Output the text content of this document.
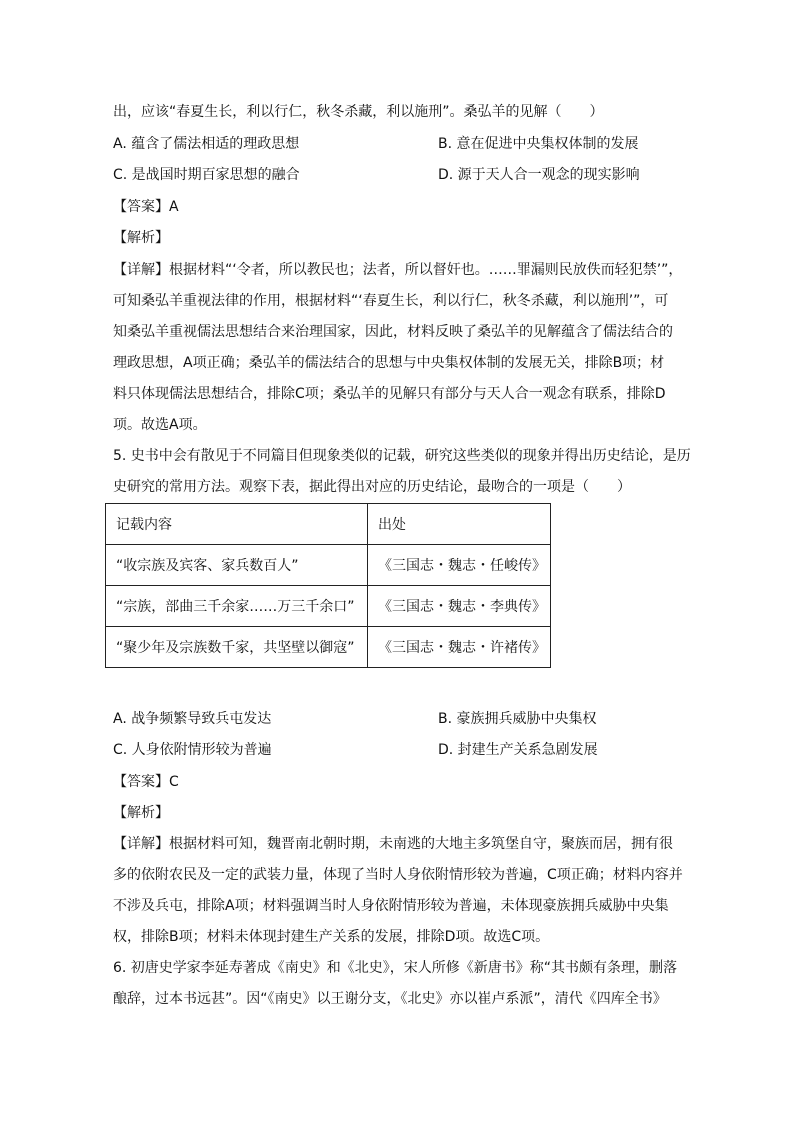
出，应该“春夏生长，利以行仁，秋冬杀藏，利以施刑”。桑弘羊的见解（　　）
A. 蕴含了儒法相适的理政思想	B. 意在促进中央集权体制的发展
C. 是战国时期百家思想的融合	D. 源于天人合一观念的现实影响
【答案】A
【解析】
【详解】根据材料“‘令者，所以教民也；法者，所以督奸也。……罪漏则民放佚而轻犯禁’”，
可知桑弘羊重视法律的作用，根据材料“‘春夏生长，利以行仁，秋冬杀藏，利以施刑’”，可
知桑弘羊重视儒法思想结合来治理国家，因此，材料反映了桑弘羊的见解蕴含了儒法结合的
理政思想，A项正确；桑弘羊的儒法结合的思想与中央集权体制的发展无关，排除B项；材
料只体现儒法思想结合，排除C项；桑弘羊的见解只有部分与天人合一观念有联系，排除D
项。故选A项。
5. 史书中会有散见于不同篇目但现象类似的记载，研究这些类似的现象并得出历史结论，是历
史研究的常用方法。观察下表，据此得出对应的历史结论，最吻合的一项是（　　）
记载内容	出处
“收宗族及宾客、家兵数百人”	《三国志・魏志・任峻传》
“宗族，部曲三千余家……万三千余口”	《三国志・魏志・李典传》
“聚少年及宗族数千家，共坚壁以御寇”	《三国志・魏志・许褚传》
A. 战争频繁导致兵屯发达	B. 豪族拥兵威胁中央集权
C. 人身依附情形较为普遍	D. 封建生产关系急剧发展
【答案】C
【解析】
【详解】根据材料可知，魏晋南北朝时期，未南逃的大地主多筑堡自守，聚族而居，拥有很
多的依附农民及一定的武装力量，体现了当时人身依附情形较为普遍，C项正确；材料内容并
不涉及兵屯，排除A项；材料强调当时人身依附情形较为普遍，未体现豪族拥兵威胁中央集
权，排除B项；材料未体现封建生产关系的发展，排除D项。故选C项。
6. 初唐史学家李延寿著成《南史》和《北史》，宋人所修《新唐书》称“其书颇有条理，删落
酿辞，过本书远甚”。因“《南史》以王谢分支，《北史》亦以崔卢系派”，清代《四库全书》
